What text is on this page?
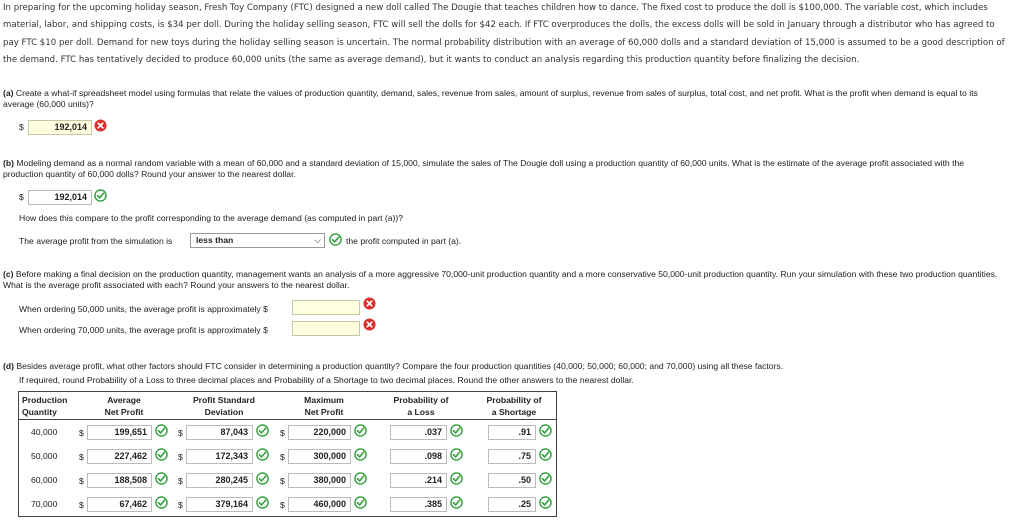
In preparing for the upcoming holiday season, Fresh Toy Company (FTC) designed a new doll called The Dougie that teaches children how to dance. The fixed cost to produce the doll is $100,000. The variable cost, which includes material, labor, and shipping costs, is $34 per doll. During the holiday selling season, FTC will sell the dolls for $42 each. If FTC overproduces the dolls, the excess dolls will be sold in January through a distributor who has agreed to pay FTC $10 per doll. Demand for new toys during the holiday selling season is uncertain. The normal probability distribution with an average of 60,000 dolls and a standard deviation of 15,000 is assumed to be a good description of the demand. FTC has tentatively decided to produce 60,000 units (the same as average demand), but it wants to conduct an analysis regarding this production quantity before finalizing the decision.
(a) Create a what-if spreadsheet model using formulas that relate the values of production quantity, demand, sales, revenue from sales, amount of surplus, revenue from sales of surplus, total cost, and net profit. What is the profit when demand is equal to its average (60,000 units)?
$	192,014
(b) Modeling demand as a normal random variable with a mean of 60,000 and a standard deviation of 15,000, simulate the sales of The Dougie doll using a production quantity of 60,000 units. What is the estimate of the average profit associated with the production quantity of 60,000 dolls? Round your answer to the nearest dollar.
$	192,014
How does this compare to the profit corresponding to the average demand (as computed in part (a))?
The average profit from the simulation is	less than	⌵	the profit computed in part (a).
(c) Before making a final decision on the production quantity, management wants an analysis of a more aggressive 70,000-unit production quantity and a more conservative 50,000-unit production quantity. Run your simulation with these two production quantities. What is the average profit associated with each? Round your answers to the nearest dollar.
When ordering 50,000 units, the average profit is approximately $
When ordering 70,000 units, the average profit is approximately $
(d) Besides average profit, what other factors should FTC consider in determining a production quantity? Compare the four production quantities (40,000; 50,000; 60,000; and 70,000) using all these factors.
If required, round Probability of a Loss to three decimal places and Probability of a Shortage to two decimal places. Round the other answers to the nearest dollar.
Production
Quantity
Average
Net Profit
Profit Standard
Deviation
Maximum
Net Profit
Probability of
a Loss
Probability of
a Shortage
40,000	$	199,651	$	87,043	$	220,000	.037	.91
50,000	$	227,462	$	172,343	$	300,000	.098	.75
60,000	$	188,508	$	280,245	$	380,000	.214	.50
70,000	$	67,462	$	379,164	$	460,000	.385	.25
